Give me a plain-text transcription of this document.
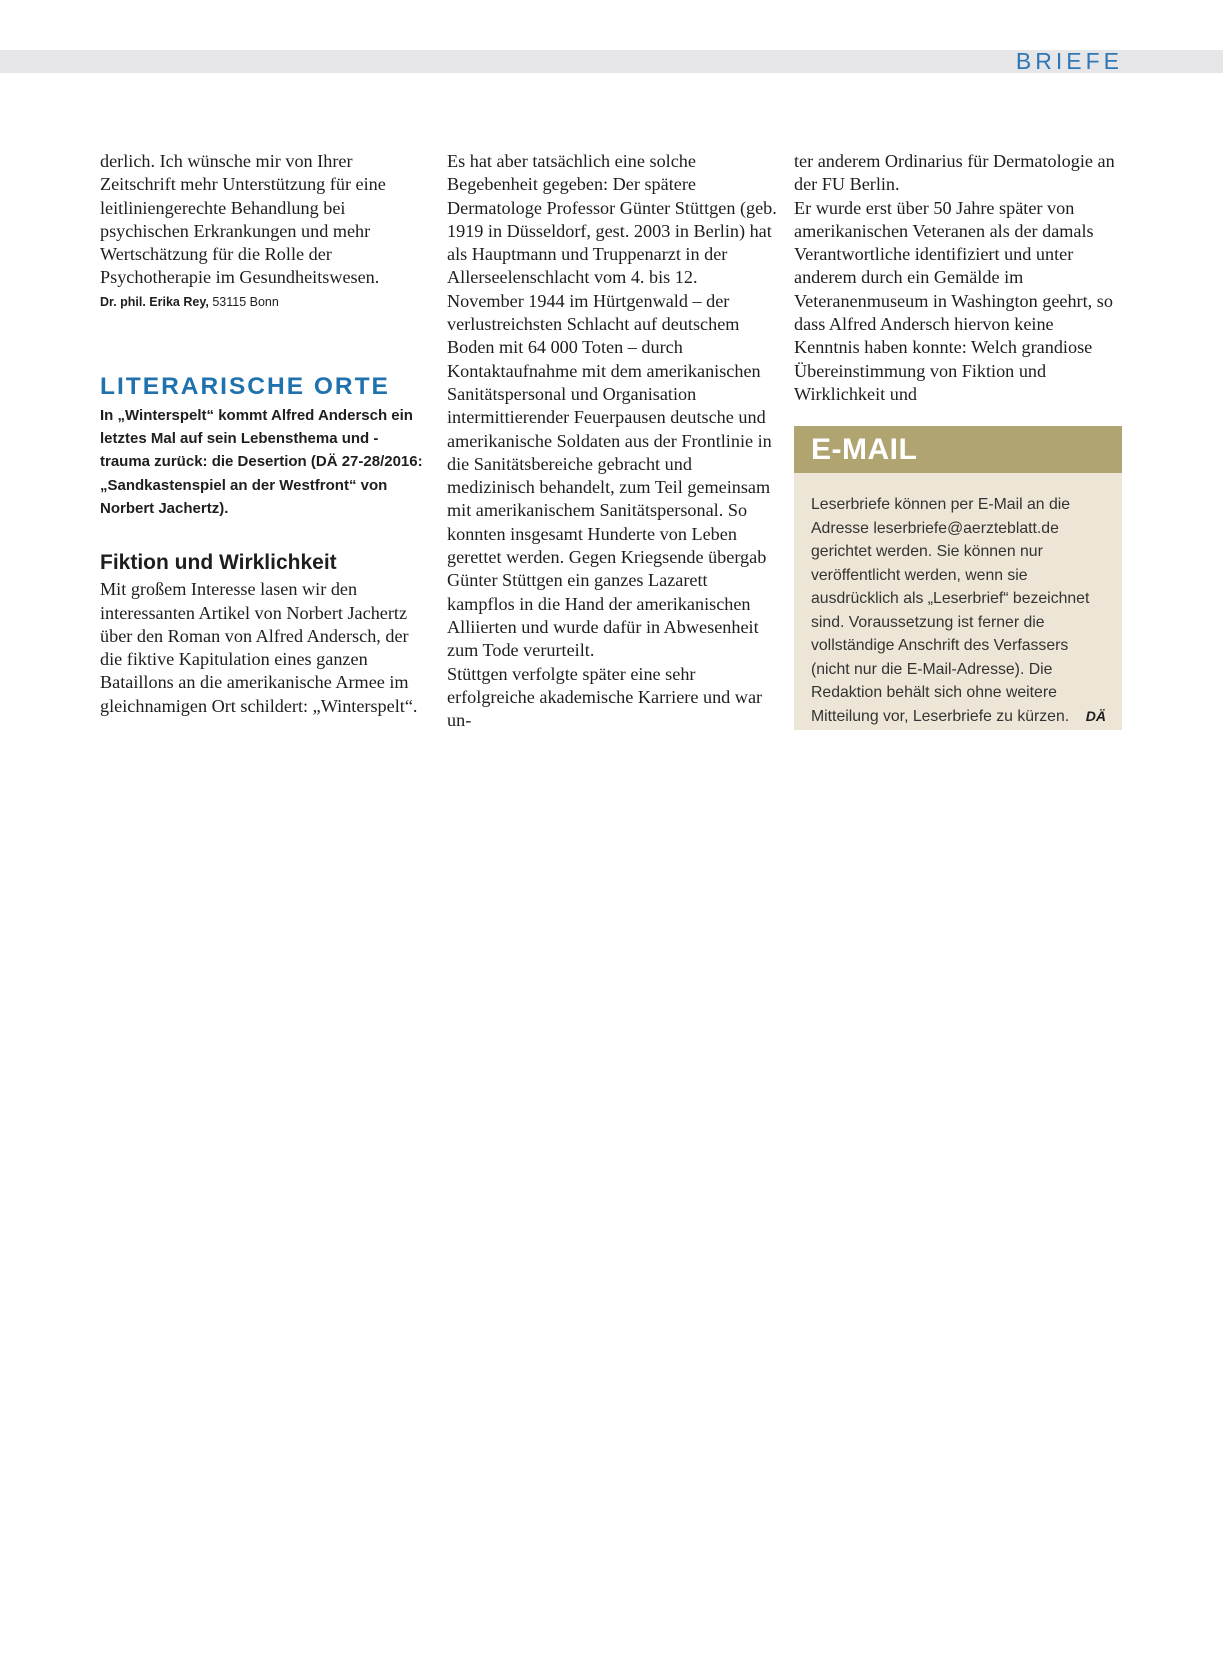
BRIEFE

derlich. Ich wünsche mir von Ihrer Zeitschrift mehr Unterstützung für eine leitliniengerechte Behandlung bei psychischen Erkrankungen und mehr Wertschätzung für die Rolle der Psychotherapie im Gesundheitswesen.

Dr. phil. Erika Rey, 53115 Bonn

LITERARISCHE ORTE

In „Winterspelt“ kommt Alfred Andersch ein letztes Mal auf sein Lebensthema und -trauma zurück: die Desertion (DÄ 27-28/2016: „Sandkastenspiel an der Westfront“ von Norbert Jachertz).

Fiktion und Wirklichkeit

Mit großem Interesse lasen wir den interessanten Artikel von Norbert Jachertz über den Roman von Alfred Andersch, der die fiktive Kapitulation eines ganzen Bataillons an die amerikanische Armee im gleichnamigen Ort schildert: „Winterspelt“.

Es hat aber tatsächlich eine solche Begebenheit gegeben: Der spätere Dermatologe Professor Günter Stüttgen (geb. 1919 in Düsseldorf, gest. 2003 in Berlin) hat als Hauptmann und Truppenarzt in der Allerseelenschlacht vom 4. bis 12. November 1944 im Hürtgenwald – der verlustreichsten Schlacht auf deutschem Boden mit 64 000 Toten – durch Kontaktaufnahme mit dem amerikanischen Sanitätspersonal und Organisation intermittierender Feuerpausen deutsche und amerikanische Soldaten aus der Frontlinie in die Sanitätsbereiche gebracht und medizinisch behandelt, zum Teil gemeinsam mit amerikanischem Sanitätspersonal. So konnten insgesamt Hunderte von Leben gerettet werden. Gegen Kriegsende übergab Günter Stüttgen ein ganzes Lazarett kampflos in die Hand der amerikanischen Alliierten und wurde dafür in Abwesenheit zum Tode verurteilt.

Stüttgen verfolgte später eine sehr erfolgreiche akademische Karriere und war un-

ter anderem Ordinarius für Dermatologie an der FU Berlin.

Er wurde erst über 50 Jahre später von amerikanischen Veteranen als der damals Verantwortliche identifiziert und unter anderem durch ein Gemälde im Veteranenmuseum in Washington geehrt, so dass Alfred Andersch hiervon keine Kenntnis haben konnte: Welch grandiose Übereinstimmung von Fiktion und Wirklichkeit und

E-MAIL
Leserbriefe können per E-Mail an die Adresse leserbriefe@aerzteblatt.de gerichtet werden. Sie können nur veröffentlicht werden, wenn sie ausdrücklich als „Leserbrief“ bezeichnet sind. Voraussetzung ist ferner die vollständige Anschrift des Verfassers (nicht nur die E-Mail-Adresse). Die Redaktion behält sich ohne weitere Mitteilung vor, Leserbriefe zu kürzen. DÄ
